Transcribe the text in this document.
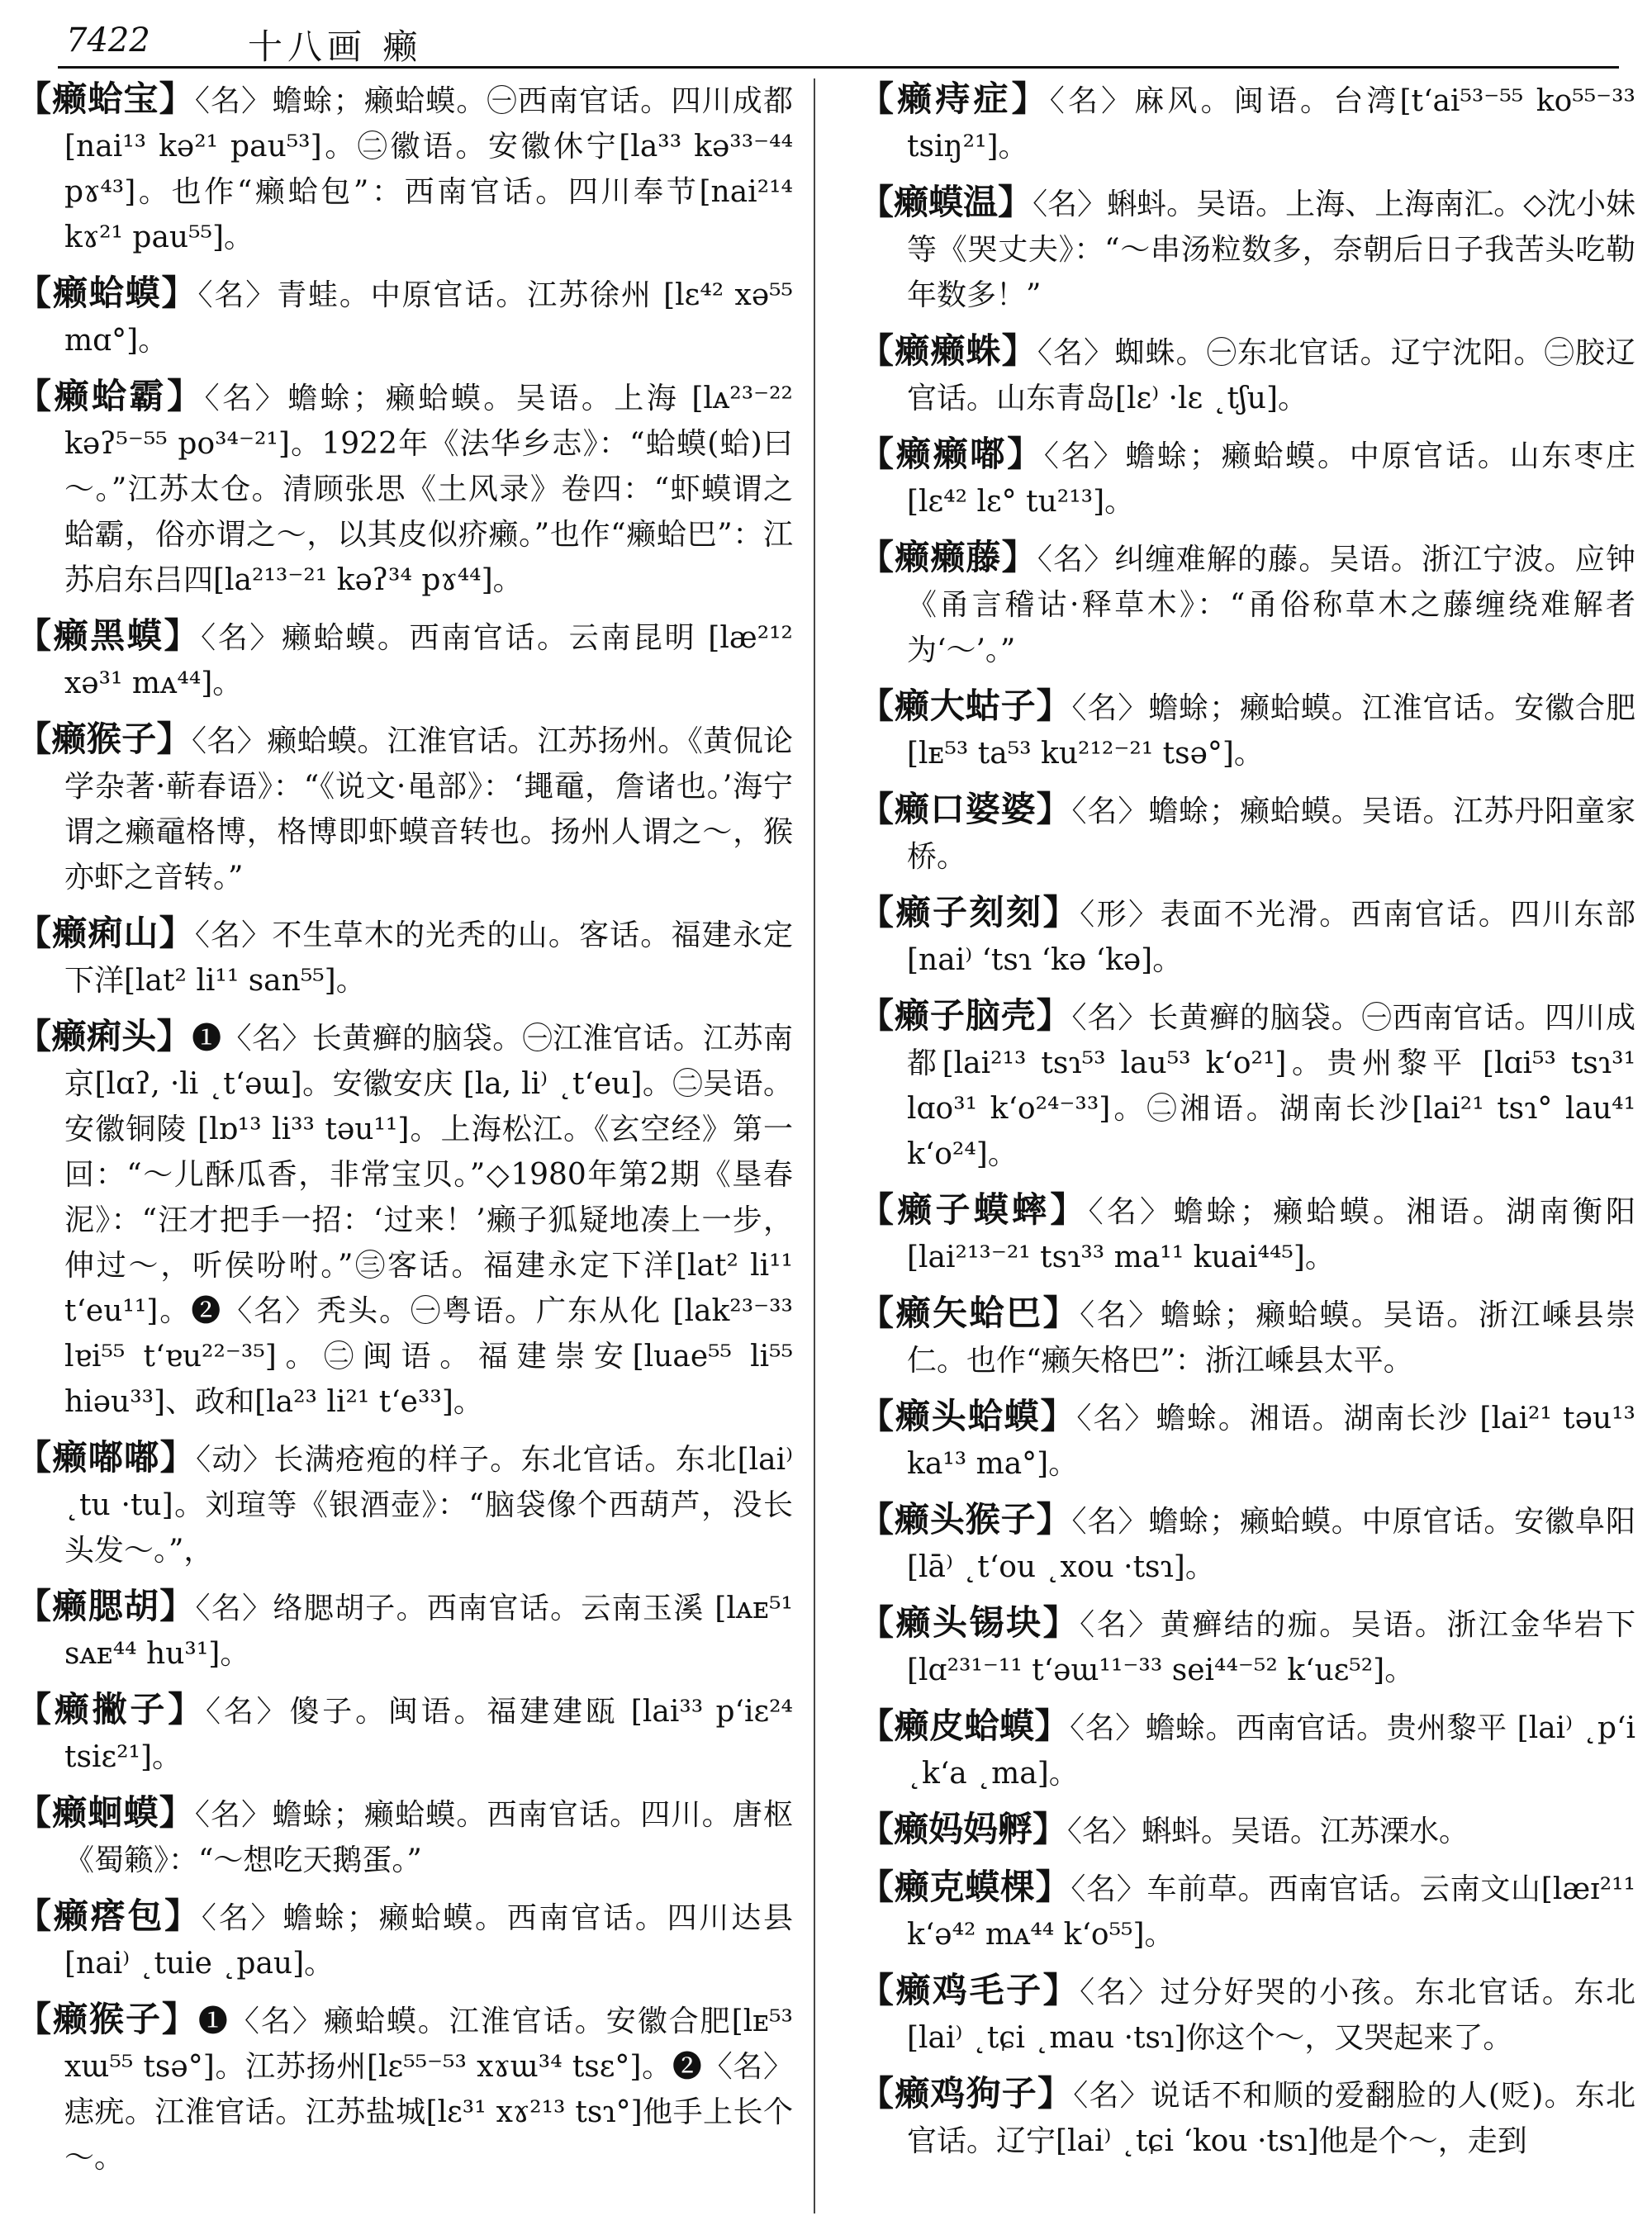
7422	十八画 癞

【癞蛤宝】〈名〉蟾蜍；癞蛤蟆。㊀西南官话。四川成都[nai¹³ kə²¹ pau⁵³]。㊁徽语。安徽休宁[la³³ kə³³⁻⁴⁴ pɤ⁴³]。也作“癞蛤包”：西南官话。四川奉节[nai²¹⁴ kɤ²¹ pau⁵⁵]。

【癞蛤蟆】〈名〉青蛙。中原官话。江苏徐州 [lɛ⁴² xə⁵⁵ mɑ°]。

【癞蛤霸】〈名〉蟾蜍；癞蛤蟆。吴语。上海 [lᴀ²³⁻²² kəʔ⁵⁻⁵⁵ po³⁴⁻²¹]。1922年《法华乡志》：“蛤蟆(蛤)曰～。”江苏太仓。清顾张思《土风录》卷四：“虾蟆谓之蛤霸，俗亦谓之～，以其皮似疥癞。”也作“癞蛤巴”：江苏启东吕四[la²¹³⁻²¹ kəʔ³⁴ pɤ⁴⁴]。

【癞黑蟆】〈名〉癞蛤蟆。西南官话。云南昆明 [læ²¹² xə³¹ mᴀ⁴⁴]。

【癞猴子】〈名〉癞蛤蟆。江淮官话。江苏扬州。《黄侃论学杂著·蕲春语》：“《说文·黾部》：‘䵷黿，詹诸也。’海宁谓之癞黿格博，格博即虾蟆音转也。扬州人谓之～，猴亦虾之音转。”

【癞痢山】〈名〉不生草木的光秃的山。客话。福建永定下洋[lat² li¹¹ san⁵⁵]。

【癞痢头】❶〈名〉长黄癣的脑袋。㊀江淮官话。江苏南京[lɑʔ, ·li ˛t‘əɯ]。安徽安庆 [la, li⁾ ˛t‘eu]。㊁吴语。安徽铜陵 [lɒ¹³ li³³ təu¹¹]。上海松江。《玄空经》第一回：“～儿酥瓜香，非常宝贝。”◇1980年第2期《垦春泥》：“汪才把手一招：‘过来！’癞子狐疑地凑上一步，伸过～，听侯吩咐。”㊂客话。福建永定下洋[lat² li¹¹ t‘eu¹¹]。❷〈名〉秃头。㊀粤语。广东从化 [lak²³⁻³³ lɐi⁵⁵ t‘ɐu²²⁻³⁵]。㊁闽语。福建崇安[luae⁵⁵ li⁵⁵ hiəu³³]、政和[la²³ li²¹ t‘e³³]。

【癞嘟嘟】〈动〉长满疮疱的样子。东北官话。东北[lai⁾ ˛tu ·tu]。刘瑄等《银酒壶》：“脑袋像个西葫芦，没长头发～。”，

【癞腮胡】〈名〉络腮胡子。西南官话。云南玉溪 [lᴀᴇ⁵¹ sᴀᴇ⁴⁴ hu³¹]。

【癞撇子】〈名〉傻子。闽语。福建建瓯 [lai³³ p‘iɛ²⁴ tsiɛ²¹]。

【癞蛔蟆】〈名〉蟾蜍；癞蛤蟆。西南官话。四川。唐枢《蜀籁》：“～想吃天鹅蛋。”

【癞瘩包】〈名〉蟾蜍；癞蛤蟆。西南官话。四川达县[nai⁾ ˛tuie ˛pau]。

【癞猴子】❶〈名〉癞蛤蟆。江淮官话。安徽合肥[lᴇ⁵³ xɯ⁵⁵ tsə°]。江苏扬州[lɛ⁵⁵⁻⁵³ xɤɯ³⁴ tsɛ°]。❷〈名〉痣疣。江淮官话。江苏盐城[lɛ³¹ xɤ²¹³ tsɿ°]他手上长个～。

【癞痔症】〈名〉麻风。闽语。台湾[t‘ai⁵³⁻⁵⁵ ko⁵⁵⁻³³ tsiŋ²¹]。

【癞蟆温】〈名〉蝌蚪。吴语。上海、上海南汇。◇沈小妹等《哭丈夫》：“～串汤粒数多，奈朝后日子我苦头吃勒年数多！”

【癞癞蛛】〈名〉蜘蛛。㊀东北官话。辽宁沈阳。㊁胶辽官话。山东青岛[lɛ⁾ ·lɛ ˛tʃu]。

【癞癞嘟】〈名〉蟾蜍；癞蛤蟆。中原官话。山东枣庄[lɛ⁴² lɛ° tu²¹³]。

【癞癞藤】〈名〉纠缠难解的藤。吴语。浙江宁波。应钟《甬言稽诂·释草木》：“甬俗称草木之藤缠绕难解者为‘～’。”

【癞大蛄子】〈名〉蟾蜍；癞蛤蟆。江淮官话。安徽合肥[lᴇ⁵³ ta⁵³ ku²¹²⁻²¹ tsə°]。

【癞口婆婆】〈名〉蟾蜍；癞蛤蟆。吴语。江苏丹阳童家桥。

【癞子刻刻】〈形〉表面不光滑。西南官话。四川东部[nai⁾ ‘tsɿ ‘kə ‘kə]。

【癞子脑壳】〈名〉长黄癣的脑袋。㊀西南官话。四川成都[lai²¹³ tsɿ⁵³ lau⁵³ k‘o²¹]。贵州黎平 [lɑi⁵³ tsɿ³¹ lɑo³¹ k‘o²⁴⁻³³]。㊁湘语。湖南长沙[lai²¹ tsɿ° lau⁴¹ k‘o²⁴]。

【癞子蟆蟀】〈名〉蟾蜍；癞蛤蟆。湘语。湖南衡阳[lai²¹³⁻²¹ tsɿ³³ ma¹¹ kuai⁴⁴⁵]。

【癞矢蛤巴】〈名〉蟾蜍；癞蛤蟆。吴语。浙江嵊县崇仁。也作“癞矢格巴”：浙江嵊县太平。

【癞头蛤蟆】〈名〉蟾蜍。湘语。湖南长沙 [lai²¹ təu¹³ ka¹³ ma°]。

【癞头猴子】〈名〉蟾蜍；癞蛤蟆。中原官话。安徽阜阳[lā⁾ ˛t‘ou ˛xou ·tsɿ]。

【癞头锡块】〈名〉黄癣结的痂。吴语。浙江金华岩下[lɑ²³¹⁻¹¹ t‘əɯ¹¹⁻³³ sei⁴⁴⁻⁵² k‘uɛ⁵²]。

【癞皮蛤蟆】〈名〉蟾蜍。西南官话。贵州黎平 [lai⁾ ˛p‘i ˛k‘a ˛ma]。

【癞妈妈孵】〈名〉蝌蚪。吴语。江苏溧水。

【癞克蟆棵】〈名〉车前草。西南官话。云南文山[læɪ²¹¹ k‘ə⁴² mᴀ⁴⁴ k‘o⁵⁵]。

【癞鸡毛子】〈名〉过分好哭的小孩。东北官话。东北[lai⁾ ˛tɕi ˛mau ·tsɿ]你这个～，又哭起来了。

【癞鸡狗子】〈名〉说话不和顺的爱翻脸的人(贬)。东北官话。辽宁[lai⁾ ˛tɕi ‘kou ·tsɿ]他是个～，走到
